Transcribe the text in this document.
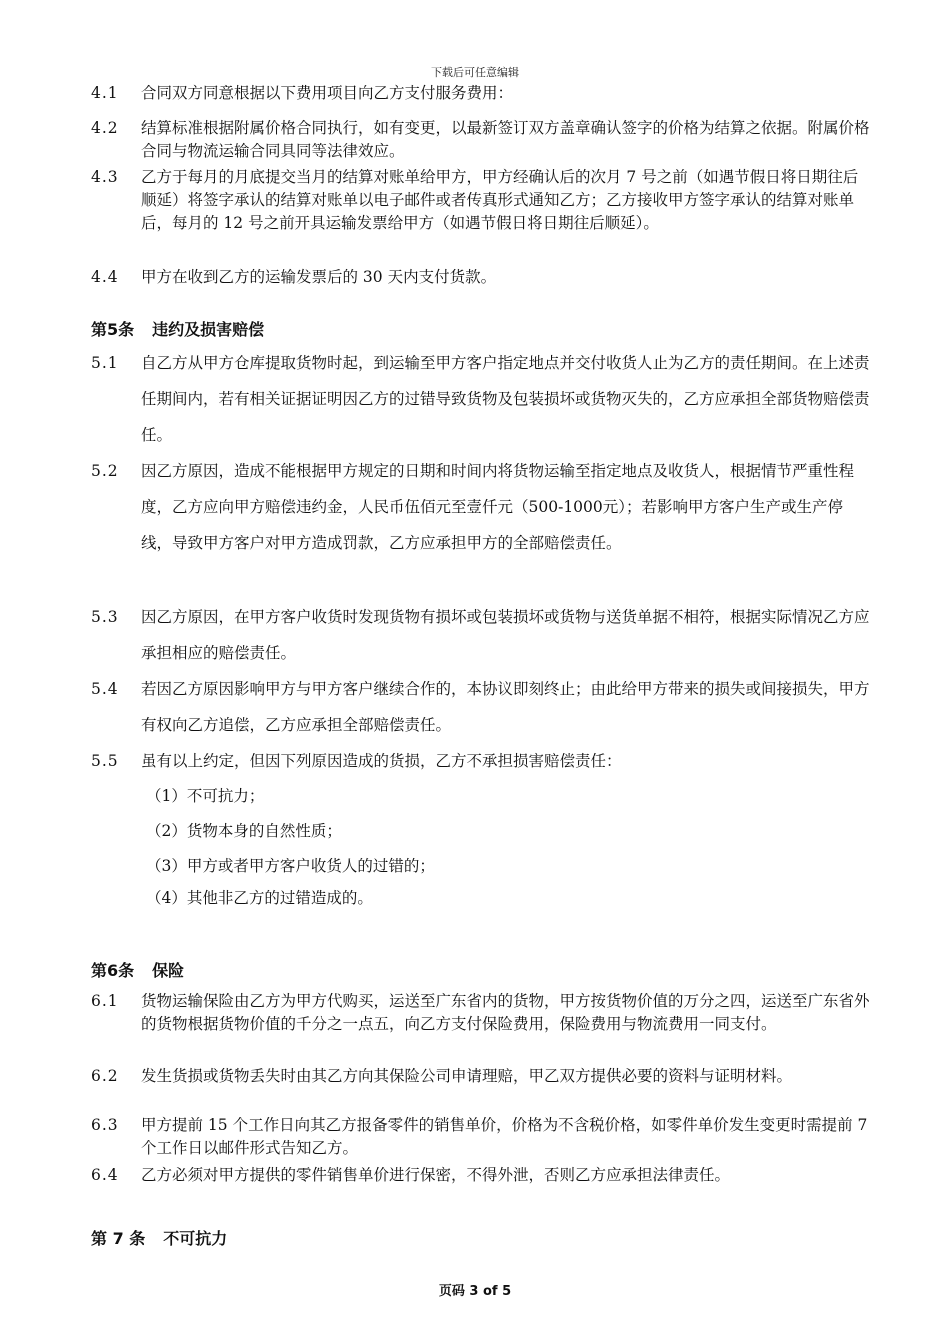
下载后可任意编辑
4.1 合同双方同意根据以下费用项目向乙方支付服务费用：
4.2 结算标准根据附属价格合同执行，如有变更，以最新签订双方盖章确认签字的价格为结算之依据。附属价格合同与物流运输合同具同等法律效应。
4.3 乙方于每月的月底提交当月的结算对账单给甲方，甲方经确认后的次月 7 号之前（如遇节假日将日期往后顺延）将签字承认的结算对账单以电子邮件或者传真形式通知乙方；乙方接收甲方签字承认的结算对账单后，每月的 12 号之前开具运输发票给甲方（如遇节假日将日期往后顺延）。
4.4 甲方在收到乙方的运输发票后的 30 天内支付货款。
第5条 违约及损害赔偿
5.1 自乙方从甲方仓库提取货物时起，到运输至甲方客户指定地点并交付收货人止为乙方的责任期间。在上述责任期间内，若有相关证据证明因乙方的过错导致货物及包装损坏或货物灭失的，乙方应承担全部货物赔偿责任。
5.2 因乙方原因，造成不能根据甲方规定的日期和时间内将货物运输至指定地点及收货人，根据情节严重性程度，乙方应向甲方赔偿违约金，人民币伍佰元至壹仟元（500-1000元）；若影响甲方客户生产或生产停线，导致甲方客户对甲方造成罚款，乙方应承担甲方的全部赔偿责任。
5.3 因乙方原因，在甲方客户收货时发现货物有损坏或包装损坏或货物与送货单据不相符，根据实际情况乙方应承担相应的赔偿责任。
5.4 若因乙方原因影响甲方与甲方客户继续合作的，本协议即刻终止；由此给甲方带来的损失或间接损失，甲方有权向乙方追偿，乙方应承担全部赔偿责任。
5.5 虽有以上约定，但因下列原因造成的货损，乙方不承担损害赔偿责任：
（1）不可抗力；
（2）货物本身的自然性质；
（3）甲方或者甲方客户收货人的过错的；
（4）其他非乙方的过错造成的。
第6条 保险
6.1 货物运输保险由乙方为甲方代购买，运送至广东省内的货物，甲方按货物价值的万分之四，运送至广东省外的货物根据货物价值的千分之一点五，向乙方支付保险费用，保险费用与物流费用一同支付。
6.2 发生货损或货物丢失时由其乙方向其保险公司申请理赔，甲乙双方提供必要的资料与证明材料。
6.3 甲方提前 15 个工作日向其乙方报备零件的销售单价，价格为不含税价格，如零件单价发生变更时需提前 7 个工作日以邮件形式告知乙方。
6.4 乙方必须对甲方提供的零件销售单价进行保密，不得外泄，否则乙方应承担法律责任。
第 7 条 不可抗力
页码 3 of 5
